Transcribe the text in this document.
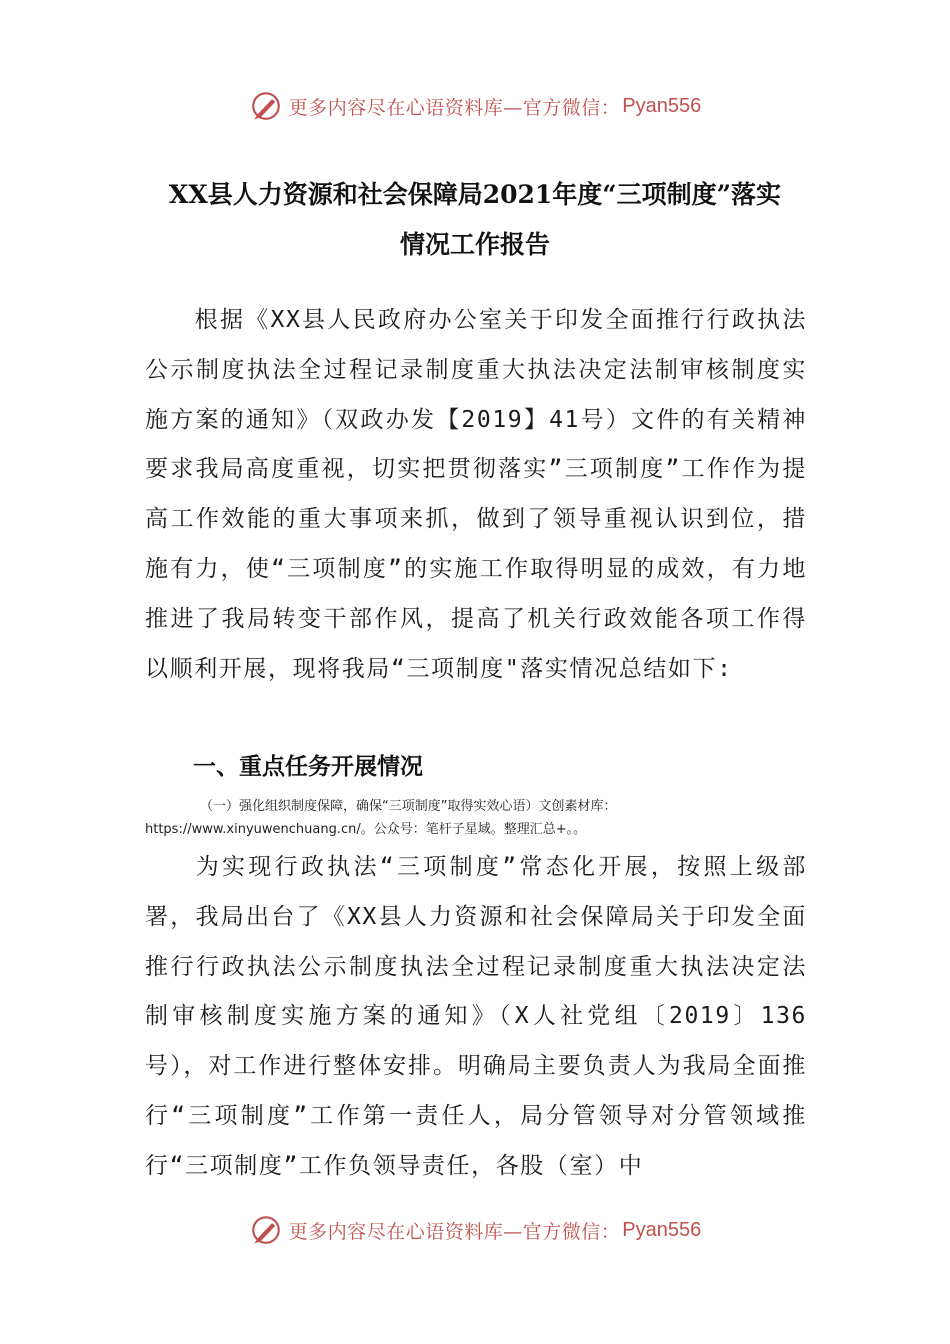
更多内容尽在心语资料库—官方微信： Pyan556
XX县人力资源和社会保障局2021年度“三项制度”落实
情况工作报告
根据《XX县人民政府办公室关于印发全面推行行政执法公示制度执法全过程记录制度重大执法决定法制审核制度实施方案的通知》（双政办发【2019】41号）文件的有关精神要求我局高度重视，切实把贯彻落实”三项制度”工作作为提高工作效能的重大事项来抓，做到了领导重视认识到位，措施有力，使“三项制度”的实施工作取得明显的成效，有力地推进了我局转变干部作风，提高了机关行政效能各项工作得以顺利开展，现将我局“三项制度"落实情况总结如下:
一、重点任务开展情况
（一）强化组织制度保障，确保“三项制度”取得实效心语）文创素材库：https://www.xinyuwenchuang.cn/。公众号：笔杆子星域。整理汇总+。。
为实现行政执法“三项制度”常态化开展，按照上级部署，我局出台了《XX县人力资源和社会保障局关于印发全面推行行政执法公示制度执法全过程记录制度重大执法决定法制审核制度实施方案的通知》（X人社党组〔2019〕136号），对工作进行整体安排。明确局主要负责人为我局全面推行“三项制度”工作第一责任人，局分管领导对分管领域推行“三项制度”工作负领导责任，各股（室）中
更多内容尽在心语资料库—官方微信： Pyan556
